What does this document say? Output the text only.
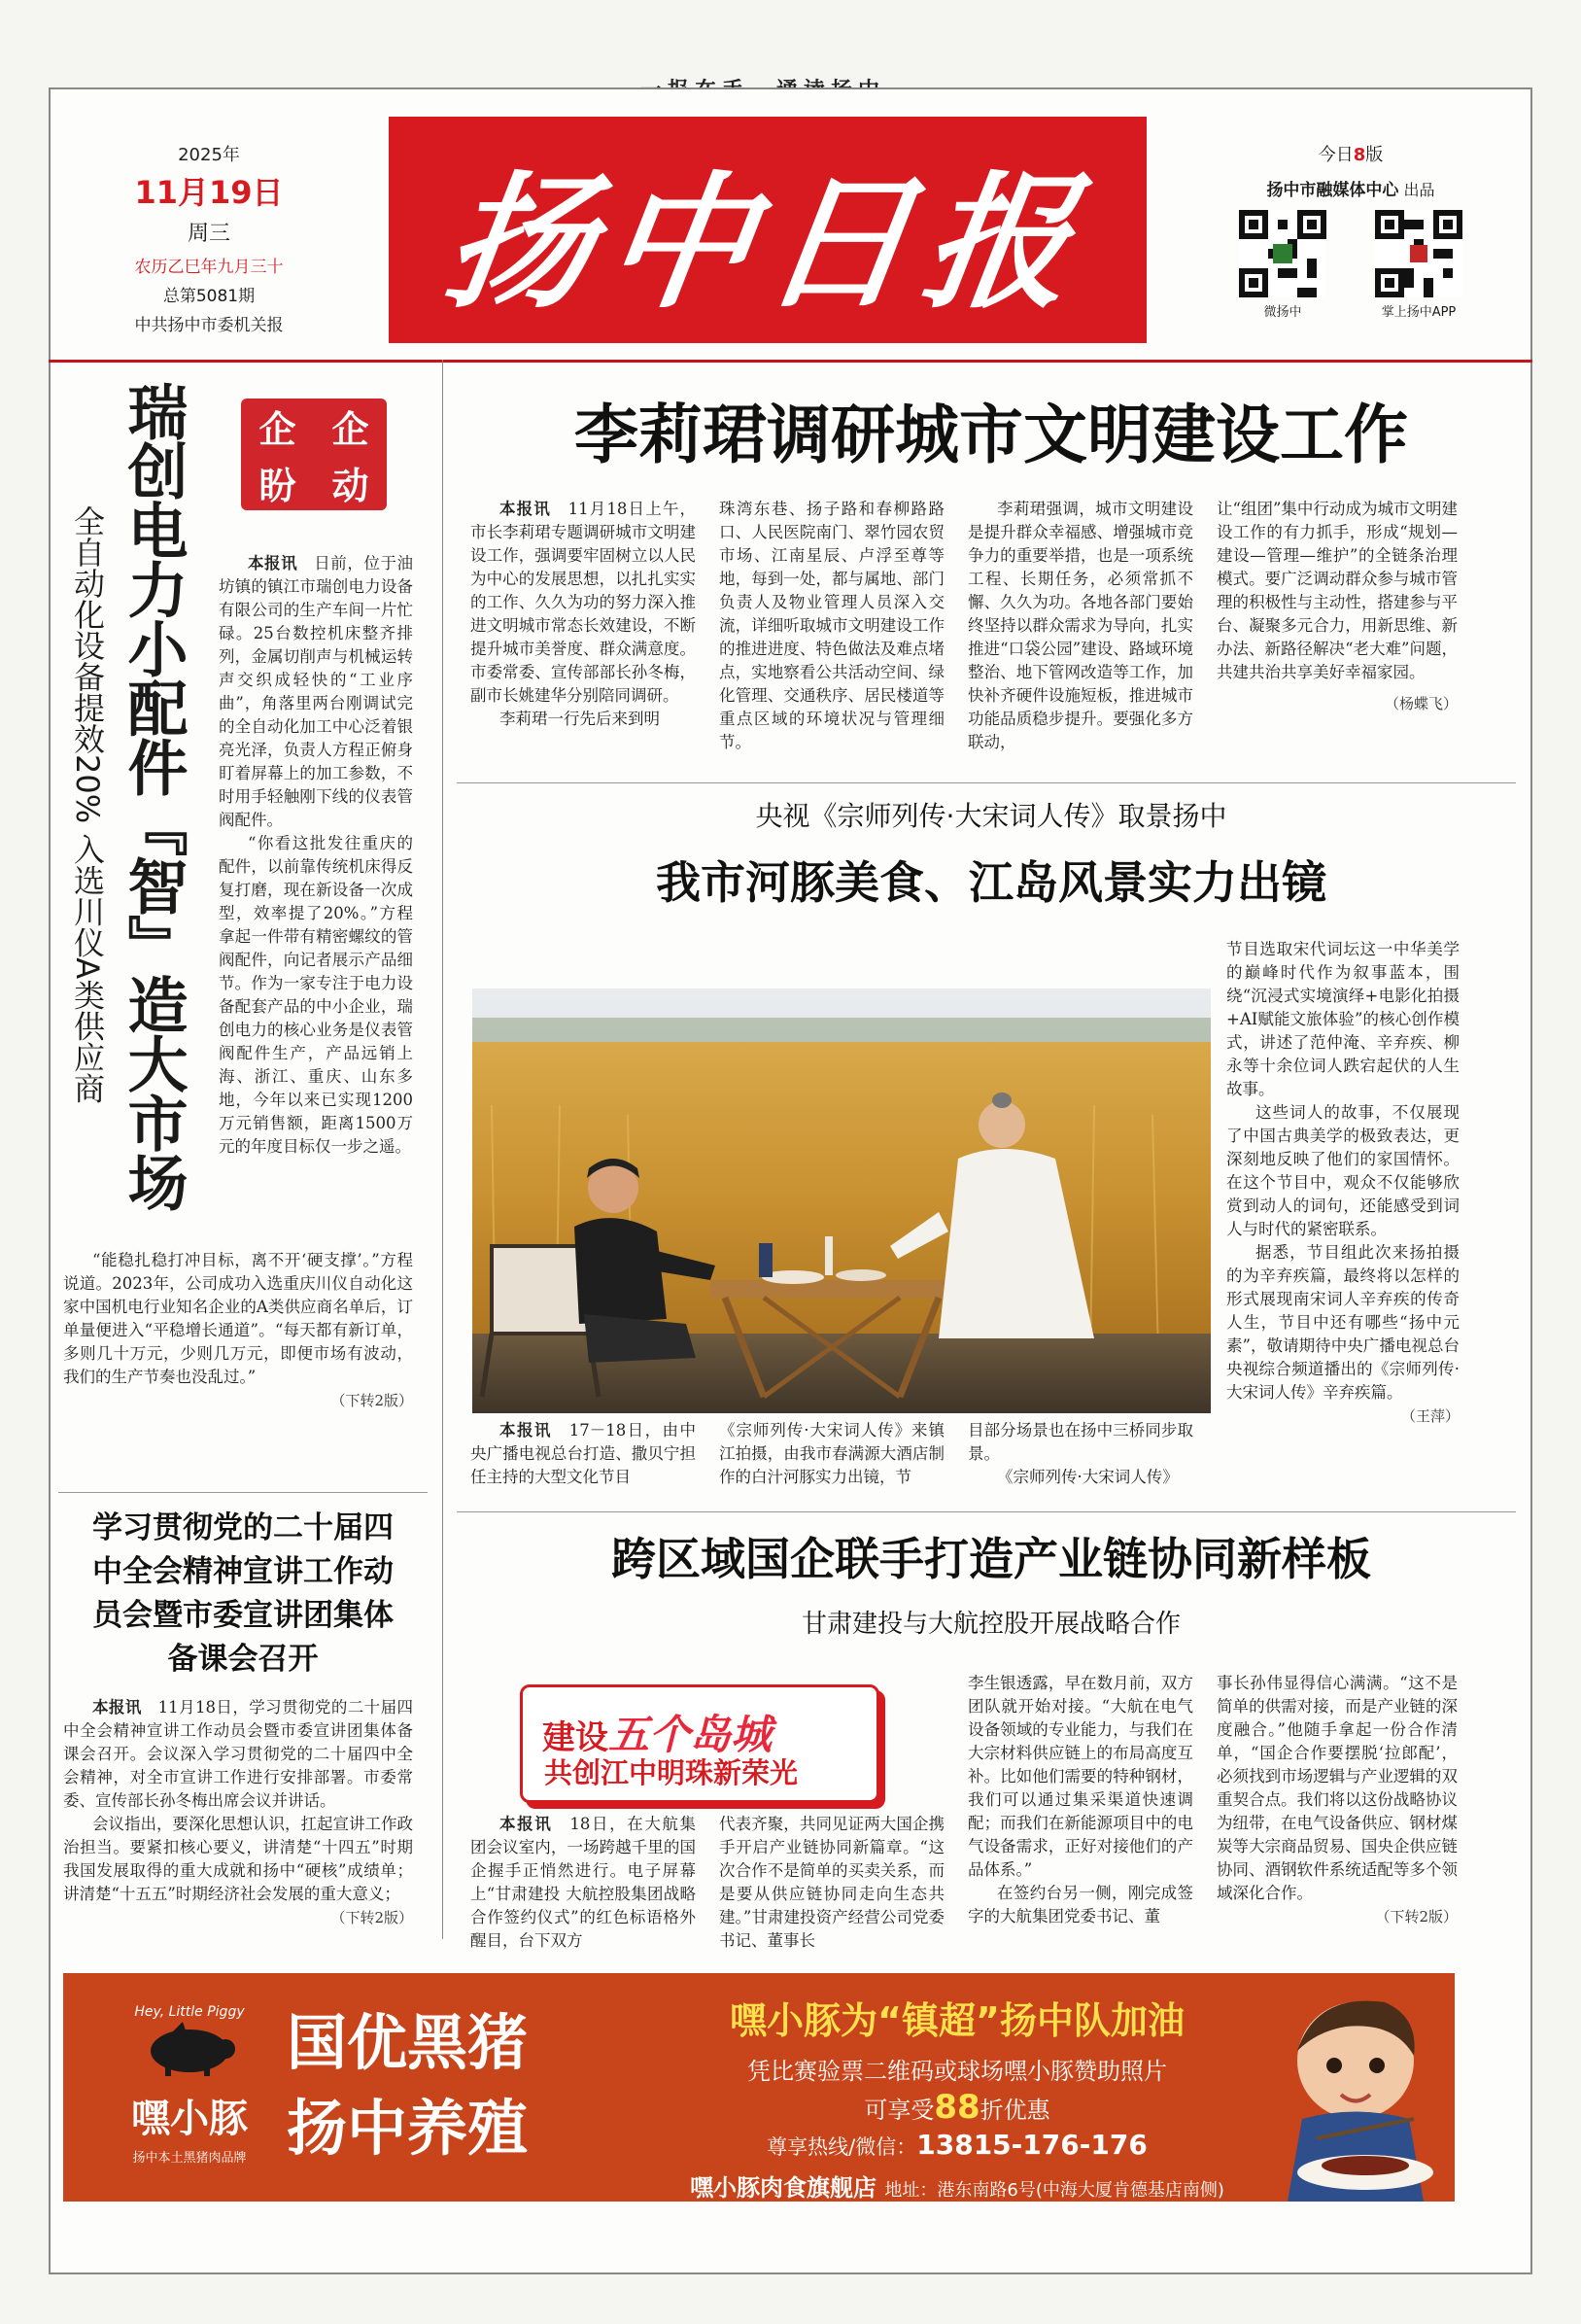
2025年
11月19日
周三
农历乙巳年九月三十
总第5081期
中共扬中市委机关报 扬中日报
今日8版
扬中市融媒体中心 出品
微扬中	掌上扬中APP
瑞创电力小配件『智』造大市场
全自动化设备提效20% 入选川仪A类供应商
企 企
盼 动

本报讯　 日前，位于油坊镇的镇江市瑞创电力设备有限公司的生产车间一片忙碌。25台数控机床整齐排列，金属切削声与机械运转声交织成轻快的“工业序曲”，角落里两台刚调试完的全自动化加工中心泛着银亮光泽，负责人方程正俯身盯着屏幕上的加工参数，不时用手轻触刚下线的仪表管阀配件。

“你看这批发往重庆的配件，以前靠传统机床得反复打磨，现在新设备一次成型，效率提了20%。”方程拿起一件带有精密螺纹的管阀配件，向记者展示产品细节。作为一家专注于电力设备配套产品的中小企业，瑞创电力的核心业务是仪表管阀配件生产，产品远销上海、浙江、重庆、山东多地，今年以来已实现1200万元销售额，距离1500万元的年度目标仅一步之遥。

“能稳扎稳打冲目标，离不开‘硬支撑’。”方程说道。2023年，公司成功入选重庆川仪自动化这家中国机电行业知名企业的A类供应商名单后，订单量便进入“平稳增长通道”。“每天都有新订单，多则几十万元，少则几万元，即便市场有波动，我们的生产节奏也没乱过。”

（下转2版）
学习贯彻党的二十届四中全会精神宣讲工作动员会暨市委宣讲团集体备课会召开

本报讯　 11月18日，学习贯彻党的二十届四中全会精神宣讲工作动员会暨市委宣讲团集体备课会召开。会议深入学习贯彻党的二十届四中全会精神，对全市宣讲工作进行安排部署。市委常委、宣传部长孙冬梅出席会议并讲话。

会议指出，要深化思想认识，扛起宣讲工作政治担当。要紧扣核心要义，讲清楚“十四五”时期我国发展取得的重大成就和扬中“硬核”成绩单；讲清楚“十五五”时期经济社会发展的重大意义；

（下转2版）
李莉珺调研城市文明建设工作

本报讯　 11月18日上午，市长李莉珺专题调研城市文明建设工作，强调要牢固树立以人民为中心的发展思想，以扎扎实实的工作、久久为功的努力深入推进文明城市常态长效建设，不断提升城市美誉度、群众满意度。市委常委、宣传部部长孙冬梅，副市长姚建华分别陪同调研。

李莉珺一行先后来到明

珠湾东巷、扬子路和春柳路路口、人民医院南门、翠竹园农贸市场、江南星辰、卢浮至尊等地，每到一处，都与属地、部门负责人及物业管理人员深入交流，详细听取城市文明建设工作的推进进度、特色做法及难点堵点，实地察看公共活动空间、绿化管理、交通秩序、居民楼道等重点区域的环境状况与管理细节。

李莉珺强调，城市文明建设是提升群众幸福感、增强城市竞争力的重要举措，也是一项系统工程、长期任务，必须常抓不懈、久久为功。各地各部门要始终坚持以群众需求为导向，扎实推进“口袋公园”建设、路域环境整治、地下管网改造等工作，加快补齐硬件设施短板，推进城市功能品质稳步提升。要强化多方联动，

让“组团”集中行动成为城市文明建设工作的有力抓手，形成“规划—建设—管理—维护”的全链条治理模式。要广泛调动群众参与城市管理的积极性与主动性，搭建参与平台、凝聚多元合力，用新思维、新办法、新路径解决“老大难”问题，共建共治共享美好幸福家园。

（杨蝶飞）
央视《宗师列传·大宋词人传》取景扬中
我市河豚美食、江岛风景实力出镜

节目选取宋代词坛这一中华美学的巅峰时代作为叙事蓝本，围绕“沉浸式实境演绎+电影化拍摄+AI赋能文旅体验”的核心创作模式，讲述了范仲淹、辛弃疾、柳永等十余位词人跌宕起伏的人生故事。

这些词人的故事，不仅展现了中国古典美学的极致表达，更深刻地反映了他们的家国情怀。在这个节目中，观众不仅能够欣赏到动人的词句，还能感受到词人与时代的紧密联系。

据悉，节目组此次来扬拍摄的为辛弃疾篇，最终将以怎样的形式展现南宋词人辛弃疾的传奇人生，节目中还有哪些“扬中元素”，敬请期待中央广播电视总台央视综合频道播出的《宗师列传·大宋词人传》辛弃疾篇。

（王萍）

本报讯　 17－18日，由中央广播电视总台打造、撒贝宁担任主持的大型文化节目

《宗师列传·大宋词人传》来镇江拍摄，由我市春满源大酒店制作的白汁河豚实力出镜，节

目部分场景也在扬中三桥同步取景。

《宗师列传·大宋词人传》

跨区域国企联手打造产业链协同新样板
甘肃建投与大航控股开展战略合作
建设五个岛城
共创江中明珠新荣光

本报讯　 18日，在大航集团会议室内，一场跨越千里的国企握手正悄然进行。电子屏幕上“甘肃建投 大航控股集团战略合作签约仪式”的红色标语格外醒目，台下双方

代表齐聚，共同见证两大国企携手开启产业链协同新篇章。“这次合作不是简单的买卖关系，而是要从供应链协同走向生态共建。”甘肃建投资产经营公司党委书记、董事长

李生银透露，早在数月前，双方团队就开始对接。“大航在电气设备领域的专业能力，与我们在大宗材料供应链上的布局高度互补。比如他们需要的特种钢材，我们可以通过集采渠道快速调配；而我们在新能源项目中的电气设备需求，正好对接他们的产品体系。”

在签约台另一侧，刚完成签字的大航集团党委书记、董

事长孙伟显得信心满满。“这不是简单的供需对接，而是产业链的深度融合。”他随手拿起一份合作清单，“国企合作要摆脱‘拉郎配’，必须找到市场逻辑与产业逻辑的双重契合点。我们将以这份战略协议为纽带，在电气设备供应、钢材煤炭等大宗商品贸易、国央企供应链协同、酒钢软件系统适配等多个领域深化合作。

（下转2版）
Hey, Little Piggy
嘿小豚
扬中本土黑猪肉品牌
国优黑猪
扬中养殖
嘿小豚为“镇超”扬中队加油
凭比赛验票二维码或球场嘿小豚赞助照片
可享受88折优惠
尊享热线/微信：13815-176-176
嘿小豚肉食旗舰店 地址：港东南路6号(中海大厦肯德基店南侧)
